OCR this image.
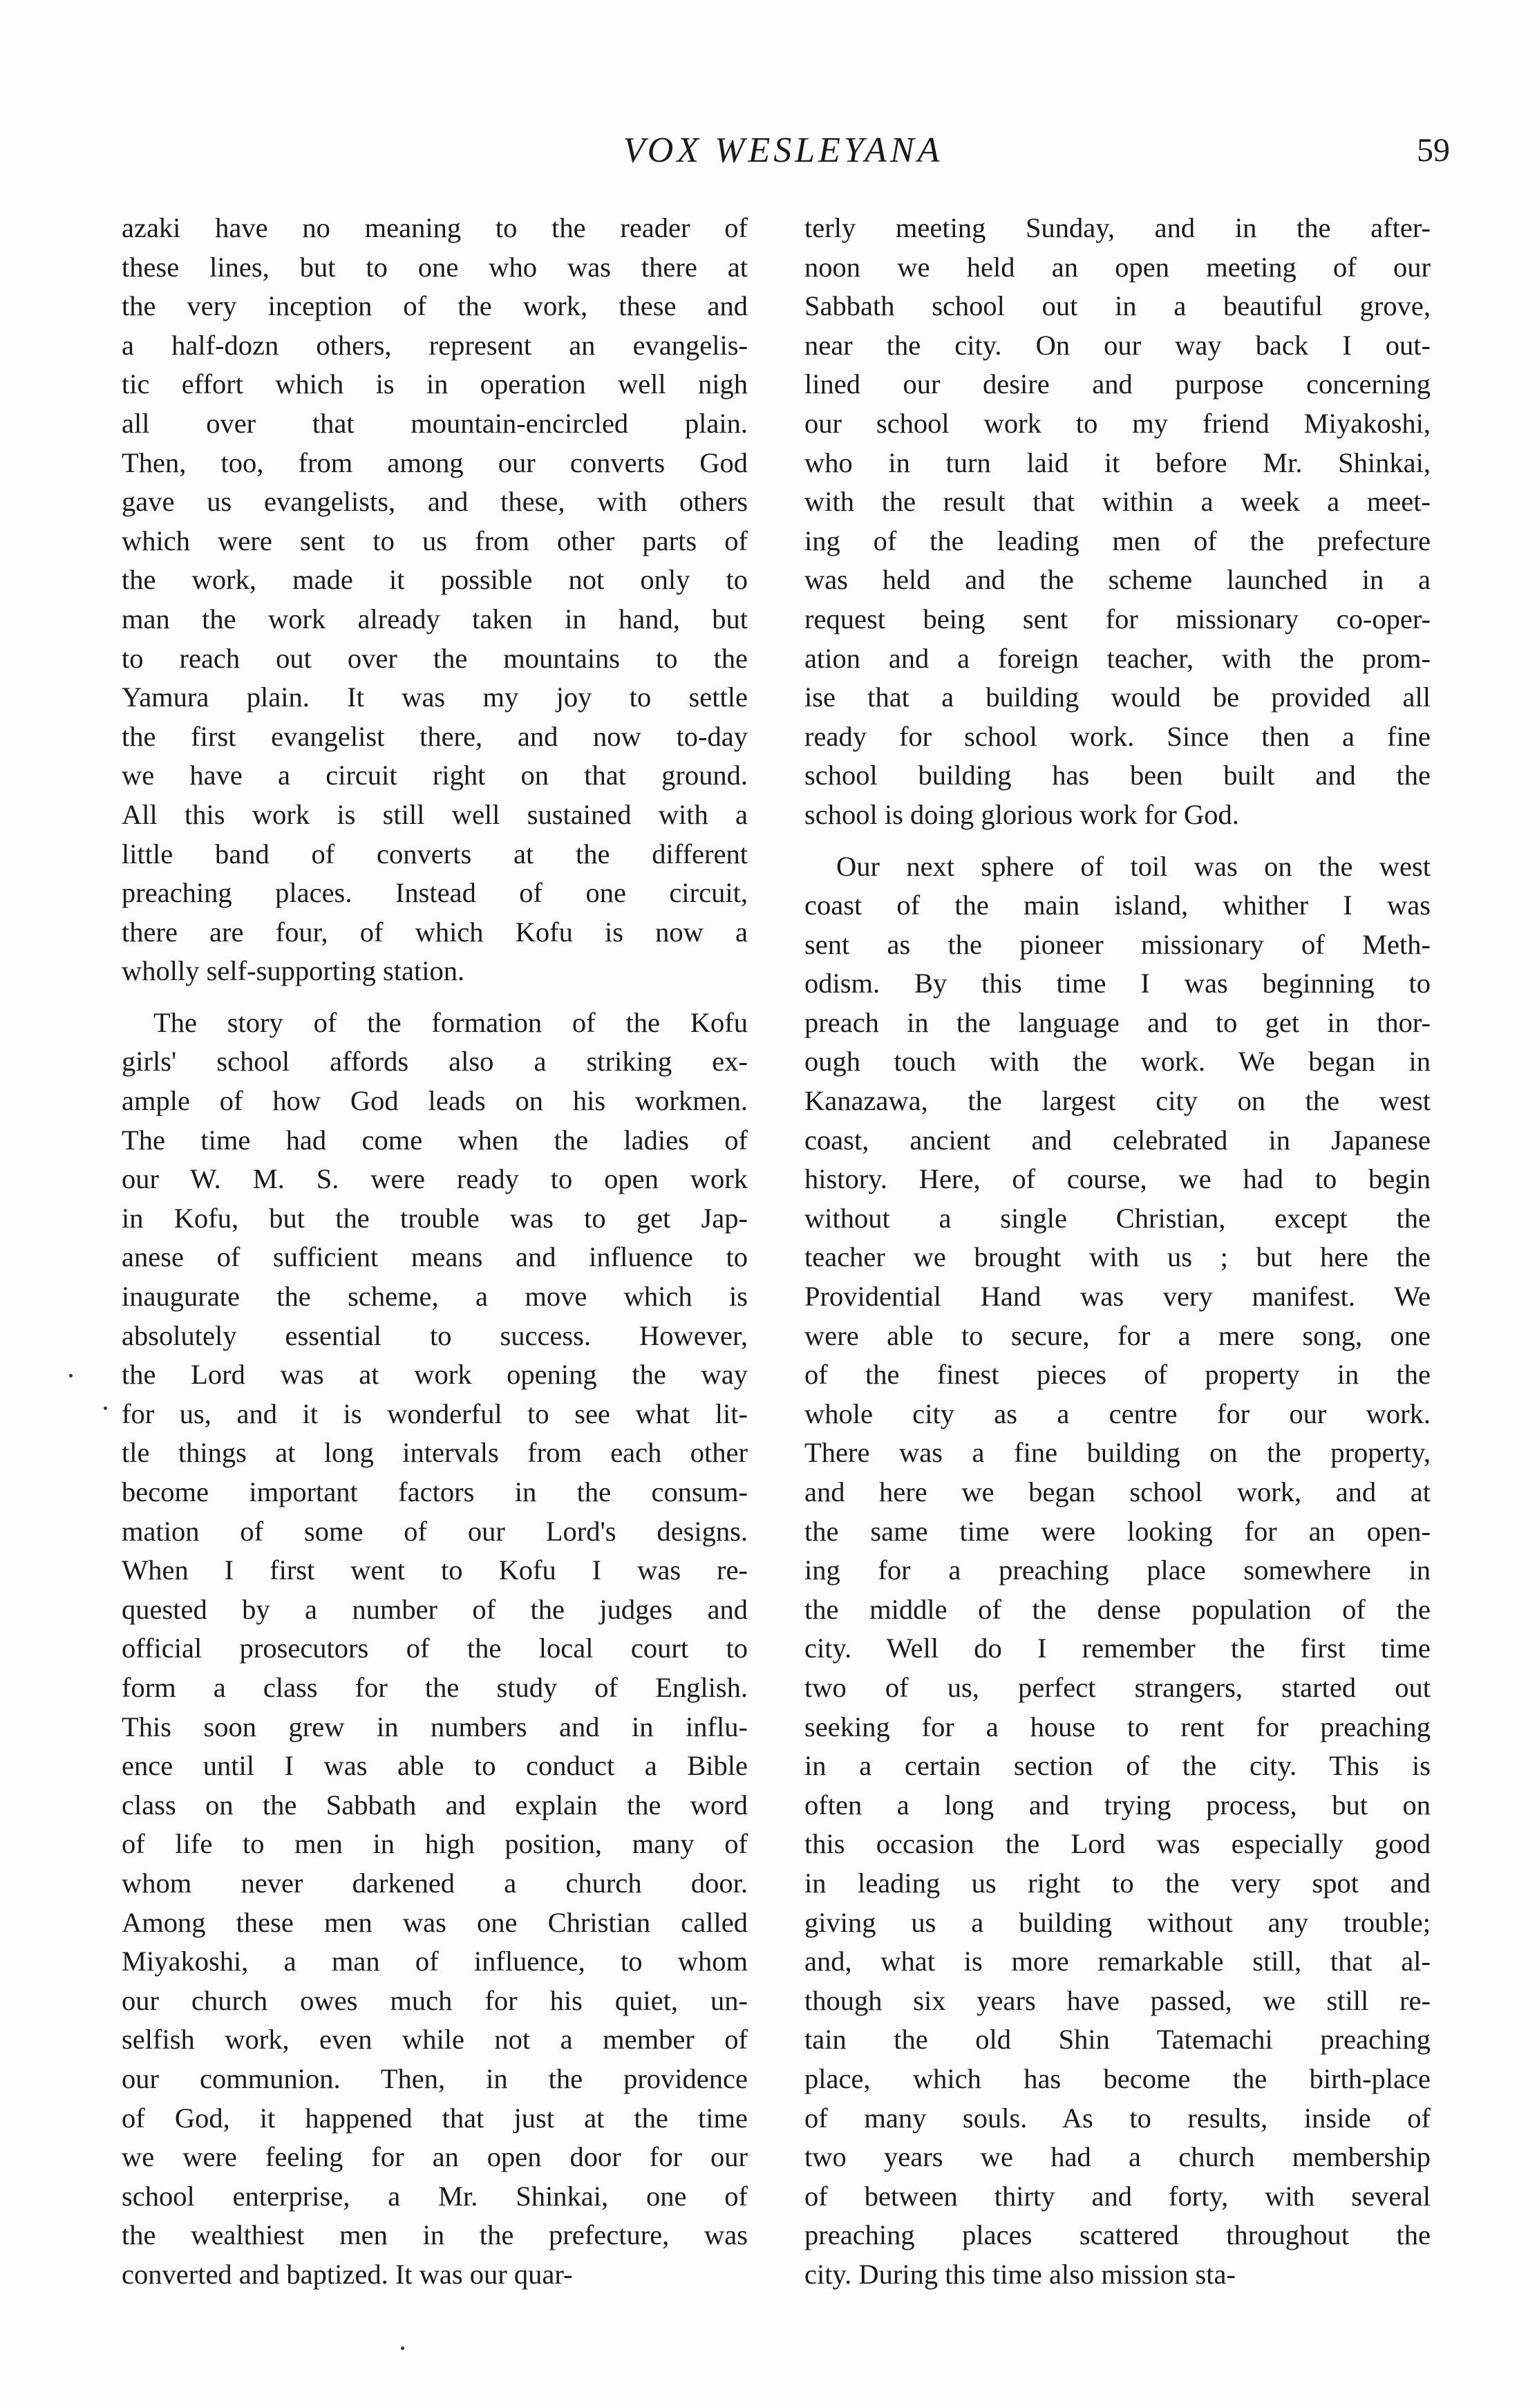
VOX WESLEYANA	59
azaki have no meaning to the reader of
these lines, but to one who was there at
the very inception of the work, these and
a half-dozn others, represent an evangelis-
tic effort which is in operation well nigh
all over that mountain-encircled plain.
Then, too, from among our converts God
gave us evangelists, and these, with others
which were sent to us from other parts of
the work, made it possible not only to
man the work already taken in hand, but
to reach out over the mountains to the
Yamura plain. It was my joy to settle
the first evangelist there, and now to-day
we have a circuit right on that ground.
All this work is still well sustained with a
little band of converts at the different
preaching places. Instead of one circuit,
there are four, of which Kofu is now a
wholly self-supporting station.
The story of the formation of the Kofu
girls' school affords also a striking ex-
ample of how God leads on his workmen.
The time had come when the ladies of
our W. M. S. were ready to open work
in Kofu, but the trouble was to get Jap-
anese of sufficient means and influence to
inaugurate the scheme, a move which is
absolutely essential to success. However,
the Lord was at work opening the way
for us, and it is wonderful to see what lit-
tle things at long intervals from each other
become important factors in the consum-
mation of some of our Lord's designs.
When I first went to Kofu I was re-
quested by a number of the judges and
official prosecutors of the local court to
form a class for the study of English.
This soon grew in numbers and in influ-
ence until I was able to conduct a Bible
class on the Sabbath and explain the word
of life to men in high position, many of
whom never darkened a church door.
Among these men was one Christian called
Miyakoshi, a man of influence, to whom
our church owes much for his quiet, un-
selfish work, even while not a member of
our communion. Then, in the providence
of God, it happened that just at the time
we were feeling for an open door for our
school enterprise, a Mr. Shinkai, one of
the wealthiest men in the prefecture, was
converted and baptized. It was our quar-
terly meeting Sunday, and in the after-
noon we held an open meeting of our
Sabbath school out in a beautiful grove,
near the city. On our way back I out-
lined our desire and purpose concerning
our school work to my friend Miyakoshi,
who in turn laid it before Mr. Shinkai,
with the result that within a week a meet-
ing of the leading men of the prefecture
was held and the scheme launched in a
request being sent for missionary co-oper-
ation and a foreign teacher, with the prom-
ise that a building would be provided all
ready for school work. Since then a fine
school building has been built and the
school is doing glorious work for God.
Our next sphere of toil was on the west
coast of the main island, whither I was
sent as the pioneer missionary of Meth-
odism. By this time I was beginning to
preach in the language and to get in thor-
ough touch with the work. We began in
Kanazawa, the largest city on the west
coast, ancient and celebrated in Japanese
history. Here, of course, we had to begin
without a single Christian, except the
teacher we brought with us ; but here the
Providential Hand was very manifest. We
were able to secure, for a mere song, one
of the finest pieces of property in the
whole city as a centre for our work.
There was a fine building on the property,
and here we began school work, and at
the same time were looking for an open-
ing for a preaching place somewhere in
the middle of the dense population of the
city. Well do I remember the first time
two of us, perfect strangers, started out
seeking for a house to rent for preaching
in a certain section of the city. This is
often a long and trying process, but on
this occasion the Lord was especially good
in leading us right to the very spot and
giving us a building without any trouble;
and, what is more remarkable still, that al-
though six years have passed, we still re-
tain the old Shin Tatemachi preaching
place, which has become the birth-place
of many souls. As to results, inside of
two years we had a church membership
of between thirty and forty, with several
preaching places scattered throughout the
city. During this time also mission sta-
